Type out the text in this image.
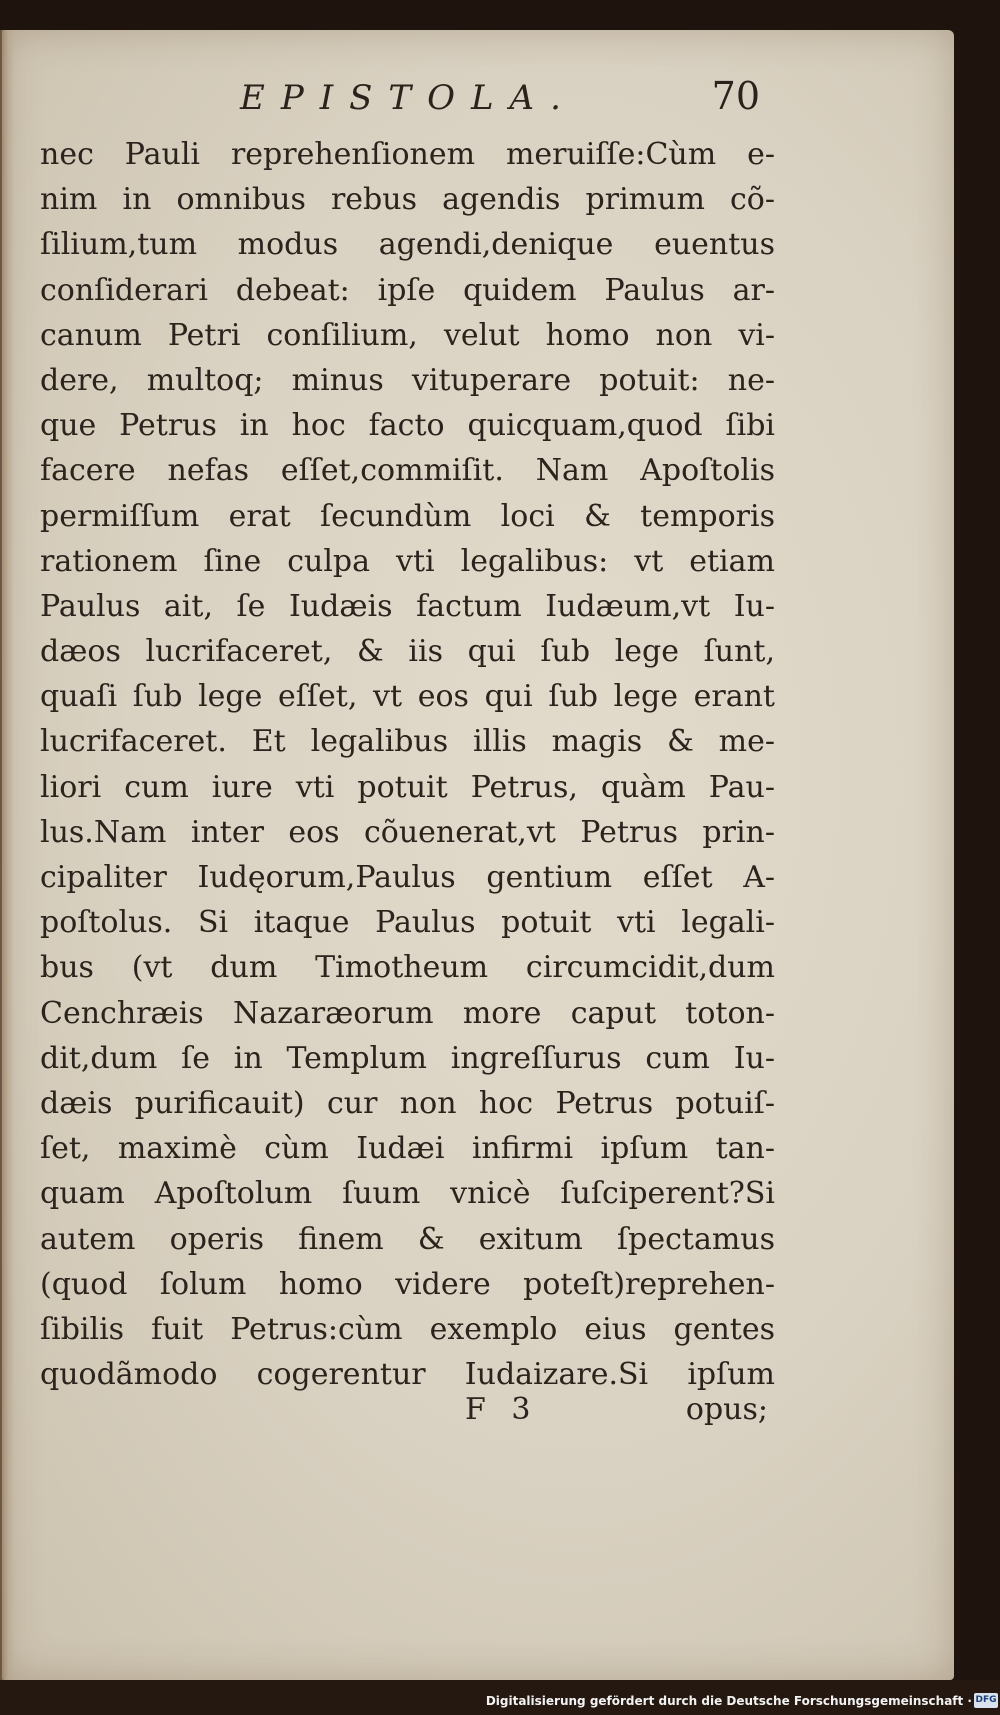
EPISTOLA.	70
nec Pauli reprehenſionem meruiſſe:Cùm e-
nim in omnibus rebus agendis primum cõ-
ſilium,tum modus agendi,denique euentus
conſiderari debeat: ipſe quidem Paulus ar-
canum Petri conſilium, velut homo non vi-
dere, multoq; minus vituperare potuit: ne-
que Petrus in hoc facto quicquam,quod ſibi
facere nefas eſſet,commiſit. Nam Apoſtolis
permiſſum erat ſecundùm loci & temporis
rationem ſine culpa vti legalibus: vt etiam
Paulus ait, ſe Iudæis factum Iudæum,vt Iu-
dæos lucrifaceret, & iis qui ſub lege ſunt,
quaſi ſub lege eſſet, vt eos qui ſub lege erant
lucrifaceret. Et legalibus illis magis & me-
liori cum iure vti potuit Petrus, quàm Pau-
lus.Nam inter eos cõuenerat,vt Petrus prin-
cipaliter Iudęorum,Paulus gentium eſſet A-
poſtolus. Si itaque Paulus potuit vti legali-
bus (vt dum Timotheum circumcidit,dum
Cenchræis Nazaræorum more caput toton-
dit,dum ſe in Templum ingreſſurus cum Iu-
dæis purificauit) cur non hoc Petrus potuiſ-
ſet, maximè cùm Iudæi infirmi ipſum tan-
quam Apoſtolum ſuum vnicè ſuſciperent?Si
autem operis finem & exitum ſpectamus
(quod ſolum homo videre poteſt)reprehen-
ſibilis fuit Petrus:cùm exemplo eius gentes
quodãmodo cogerentur Iudaizare.Si ipſum
F 3	opus;
Digitalisierung gefördert durch die Deutsche Forschungsgemeinschaft · DFG
